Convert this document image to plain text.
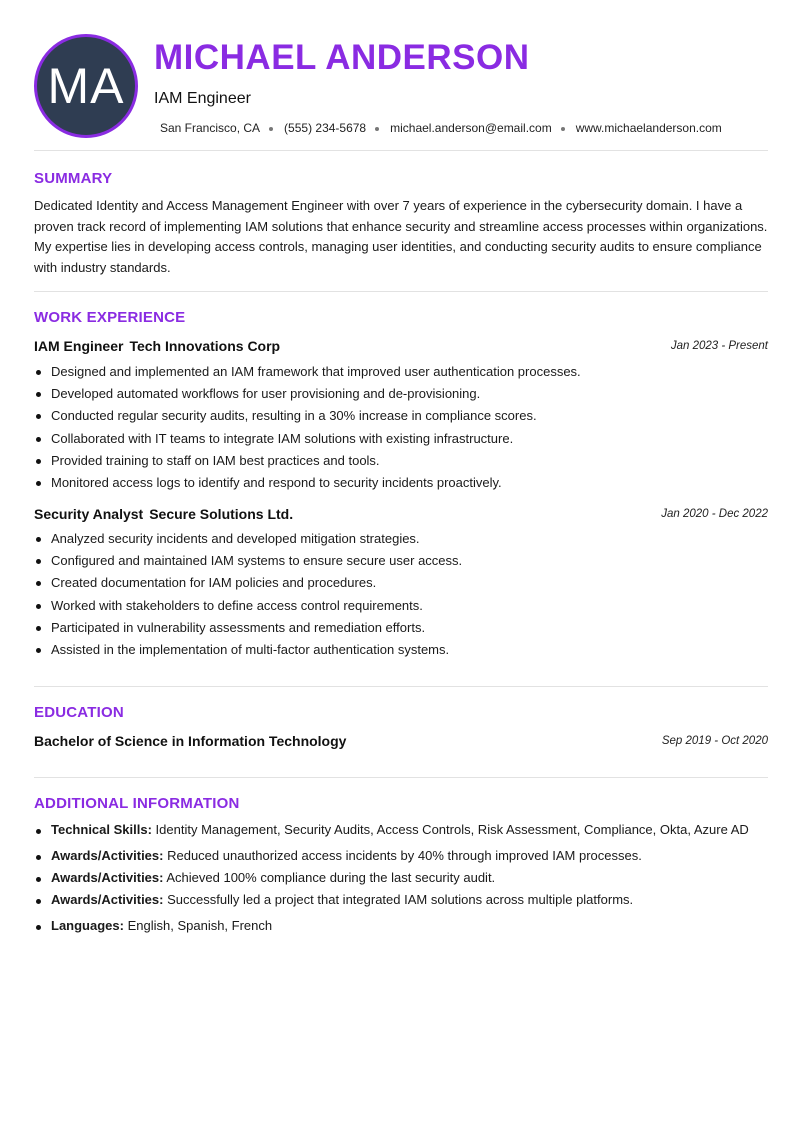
MA
MICHAEL ANDERSON
IAM Engineer
San Francisco, CA (555) 234-5678 michael.anderson@email.com www.michaelanderson.com
SUMMARY
Dedicated Identity and Access Management Engineer with over 7 years of experience in the cybersecurity domain. I have a proven track record of implementing IAM solutions that enhance security and streamline access processes within organizations. My expertise lies in developing access controls, managing user identities, and conducting security audits to ensure compliance with industry standards.
WORK EXPERIENCE
IAM Engineer Tech Innovations Corp	Jan 2023 - Present
Designed and implemented an IAM framework that improved user authentication processes.
Developed automated workflows for user provisioning and de-provisioning.
Conducted regular security audits, resulting in a 30% increase in compliance scores.
Collaborated with IT teams to integrate IAM solutions with existing infrastructure.
Provided training to staff on IAM best practices and tools.
Monitored access logs to identify and respond to security incidents proactively.
Security Analyst Secure Solutions Ltd.	Jan 2020 - Dec 2022
Analyzed security incidents and developed mitigation strategies.
Configured and maintained IAM systems to ensure secure user access.
Created documentation for IAM policies and procedures.
Worked with stakeholders to define access control requirements.
Participated in vulnerability assessments and remediation efforts.
Assisted in the implementation of multi-factor authentication systems.
EDUCATION
Bachelor of Science in Information Technology	Sep 2019 - Oct 2020
ADDITIONAL INFORMATION
Technical Skills: Identity Management, Security Audits, Access Controls, Risk Assessment, Compliance, Okta, Azure AD
Awards/Activities: Reduced unauthorized access incidents by 40% through improved IAM processes.
Awards/Activities: Achieved 100% compliance during the last security audit.
Awards/Activities: Successfully led a project that integrated IAM solutions across multiple platforms.
Languages: English, Spanish, French
